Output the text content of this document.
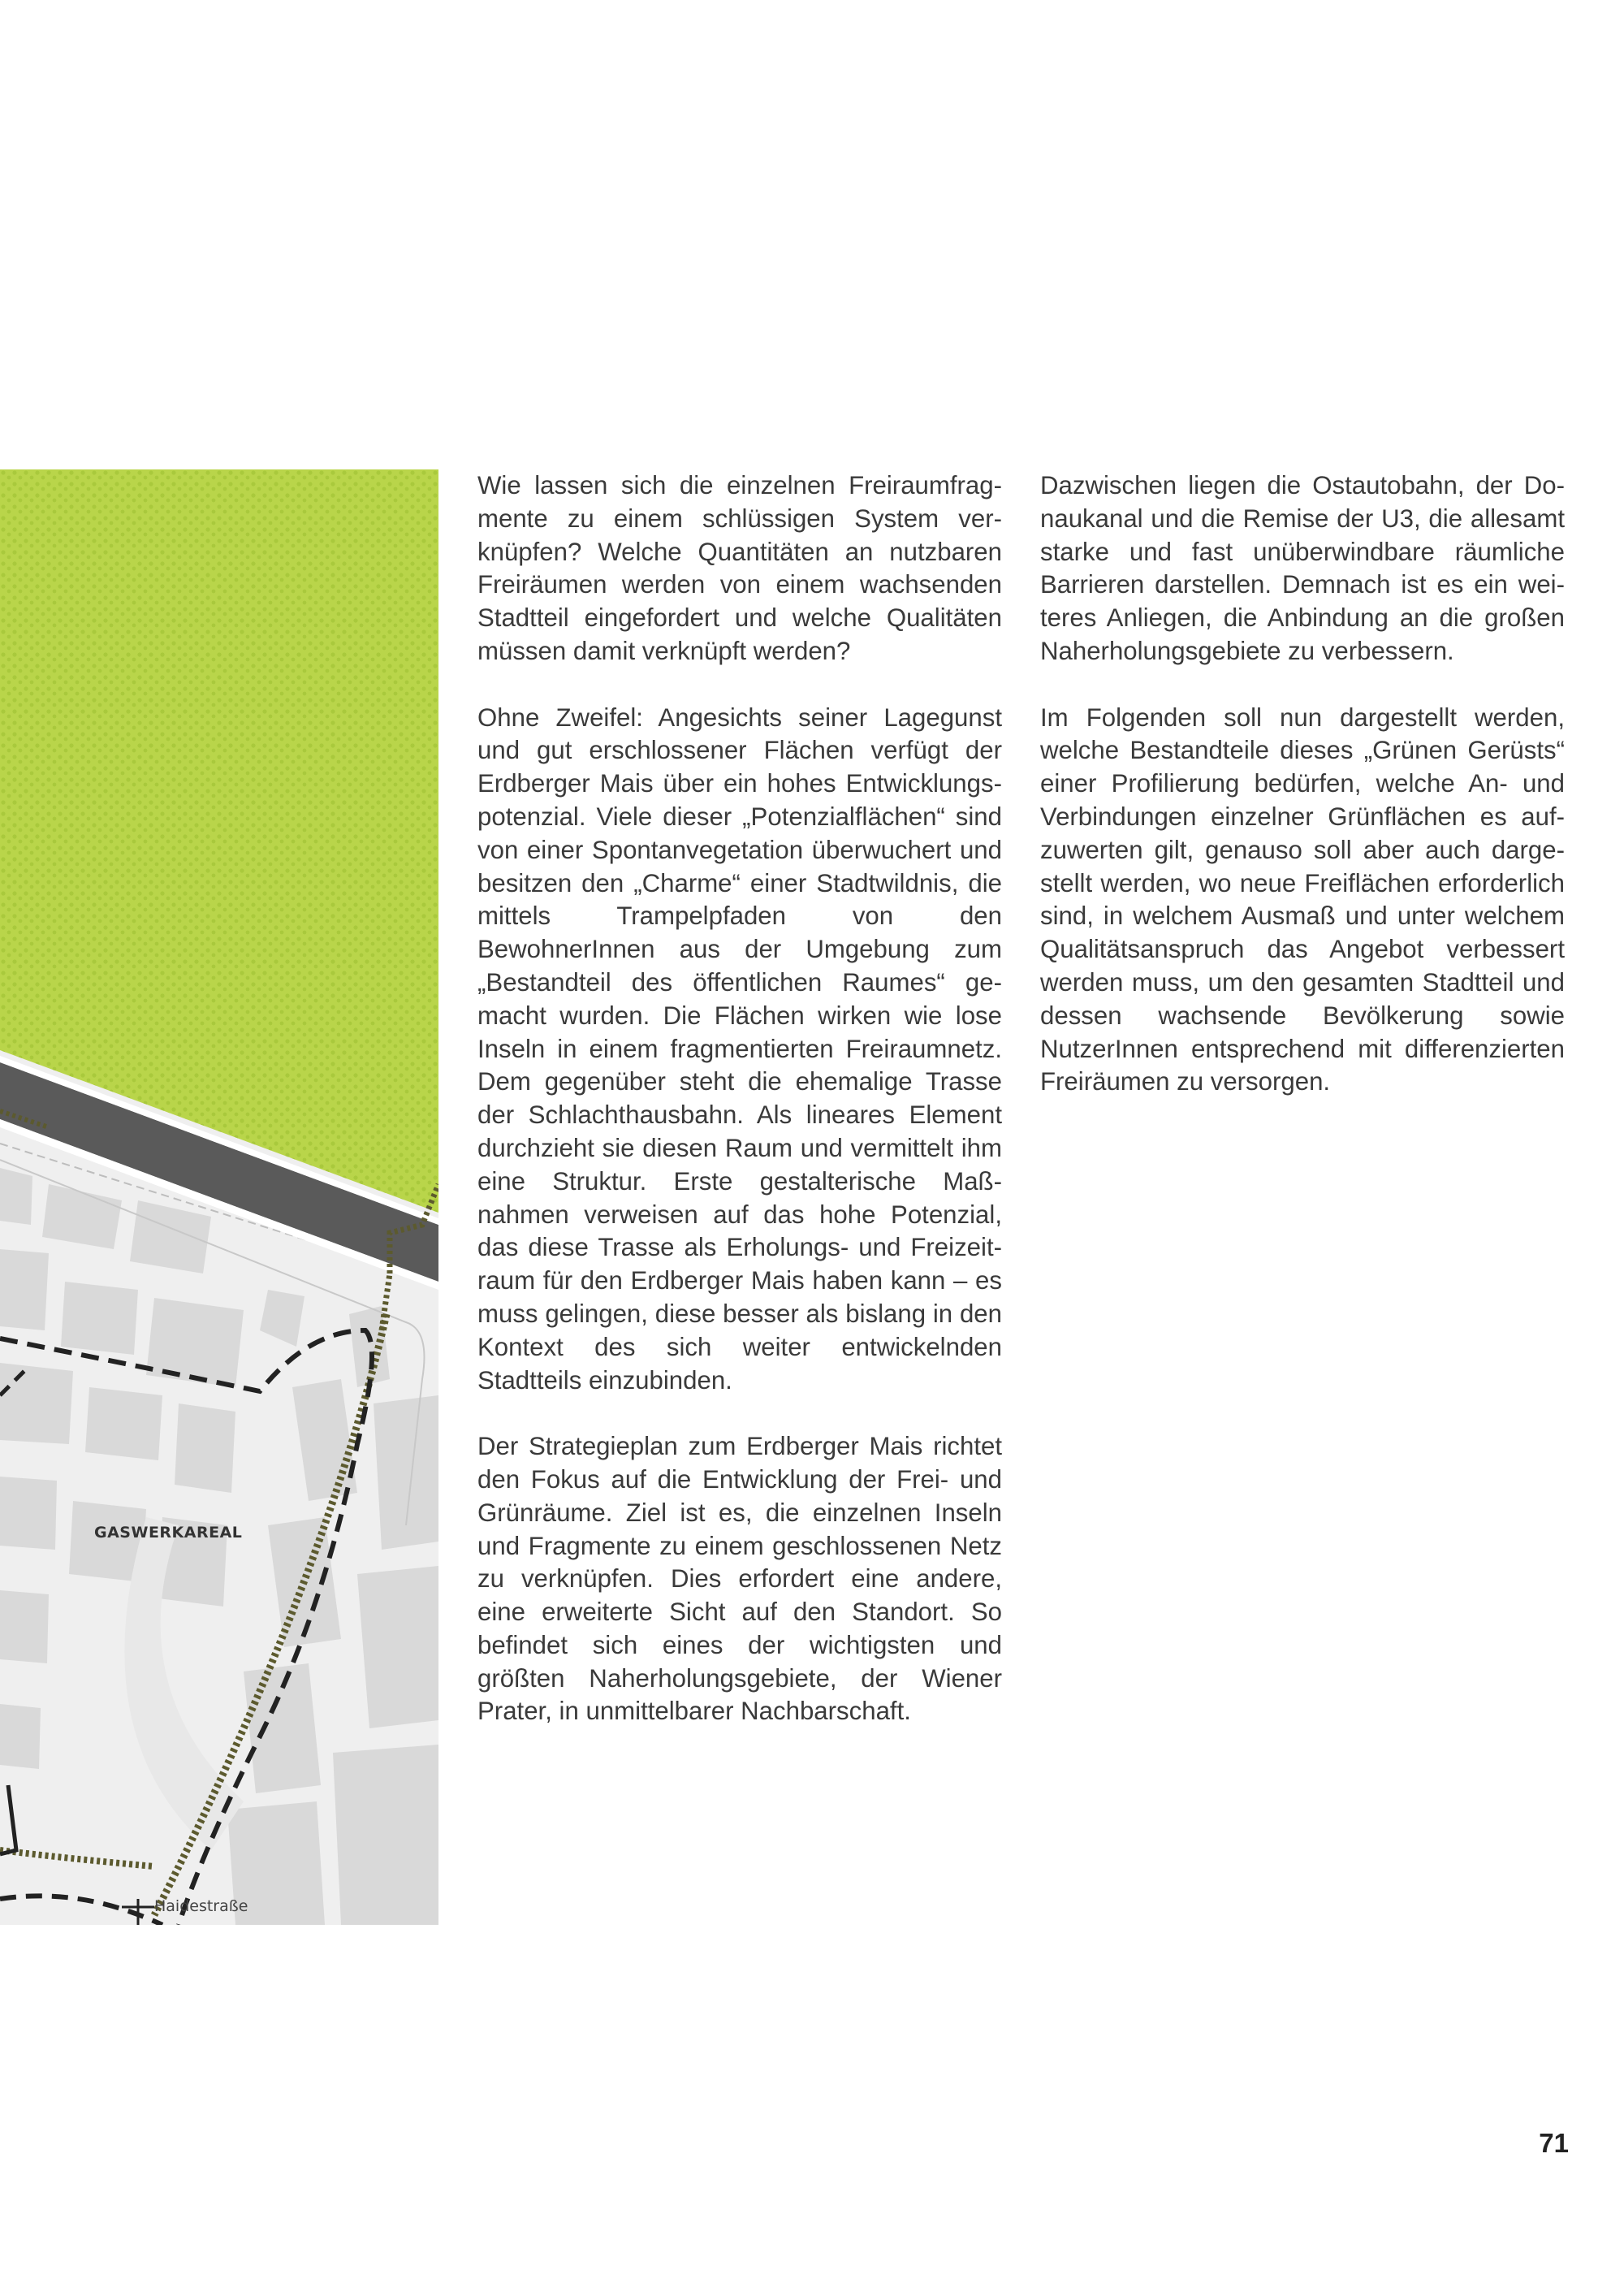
GASWERKAREAL
Haidestraße

Wie lassen sich die einzelnen Freiraumfragmente zu einem schlüssigen System verknüpfen? Welche Quantitäten an nutzbaren Freiräumen werden von einem wachsenden Stadtteil eingefordert und welche Qualitäten müssen damit verknüpft werden?

Ohne Zweifel: Angesichts seiner Lagegunst und gut erschlossener Flächen verfügt der Erdberger Mais über ein hohes Entwicklungspotenzial. Viele dieser „Potenzialflächen“ sind von einer Spontanvegetation überwuchert und besitzen den „Charme“ einer Stadtwildnis, die mittels Trampelpfaden von den BewohnerInnen aus der Umgebung zum „Bestandteil des öffentlichen Raumes“ gemacht wurden. Die Flächen wirken wie lose Inseln in einem fragmentierten Freiraumnetz. Dem gegenüber steht die ehemalige Trasse der Schlachthausbahn. Als lineares Element durchzieht sie diesen Raum und vermittelt ihm eine Struktur. Erste gestalterische Maßnahmen verweisen auf das hohe Potenzial, das diese Trasse als Erholungs- und Freizeitraum für den Erdberger Mais haben kann – es muss gelingen, diese besser als bislang in den Kontext des sich weiter entwickelnden Stadtteils einzubinden.

Der Strategieplan zum Erdberger Mais richtet den Fokus auf die Entwicklung der Frei- und Grünräume. Ziel ist es, die einzelnen Inseln und Fragmente zu einem geschlossenen Netz zu verknüpfen. Dies erfordert eine andere, eine erweiterte Sicht auf den Standort. So befindet sich eines der wichtigsten und größten Naherholungsgebiete, der Wiener Prater, in unmittelbarer Nachbarschaft.

Dazwischen liegen die Ostautobahn, der Donaukanal und die Remise der U3, die allesamt starke und fast unüberwindbare räumliche Barrieren darstellen. Demnach ist es ein weiteres Anliegen, die Anbindung an die großen Naherholungsgebiete zu verbessern.

Im Folgenden soll nun dargestellt werden, welche Bestandteile dieses „Grünen Gerüsts“ einer Profilierung bedürfen, welche An- und Verbindungen einzelner Grünflächen es aufzuwerten gilt, genauso soll aber auch dargestellt werden, wo neue Freiflächen erforderlich sind, in welchem Ausmaß und unter welchem Qualitätsanspruch das Angebot verbessert werden muss, um den gesamten Stadtteil und dessen wachsende Bevölkerung sowie NutzerInnen entsprechend mit differenzierten Freiräumen zu versorgen.

71
